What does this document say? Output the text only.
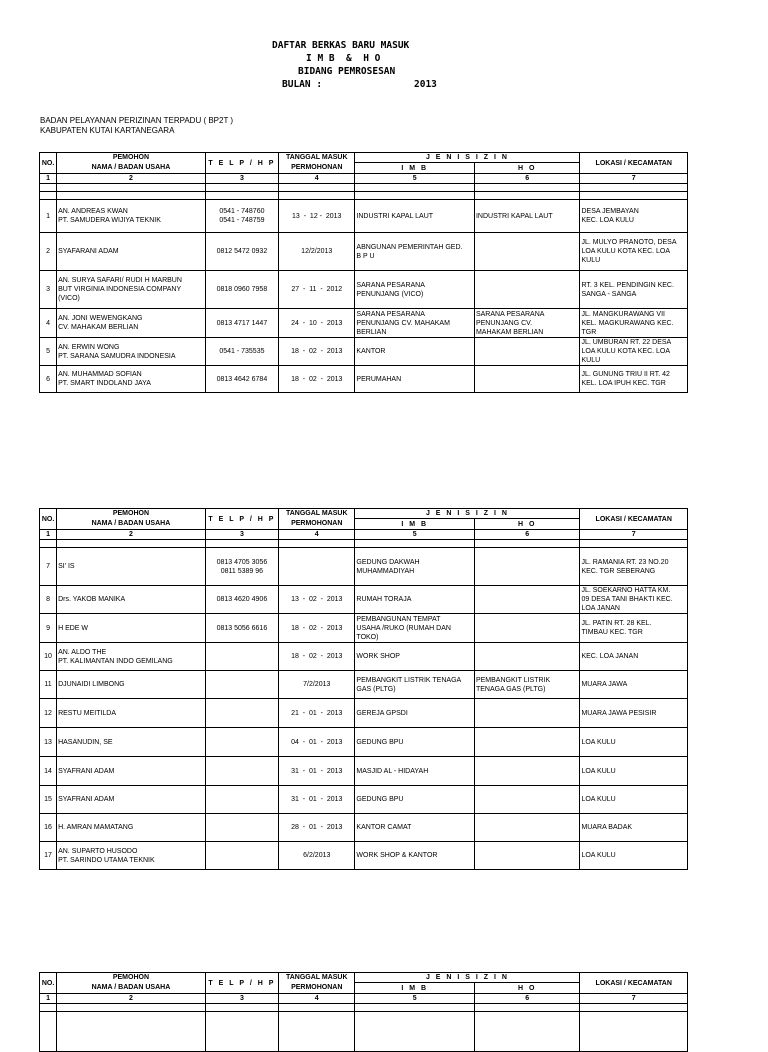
DAFTAR BERKAS BARU MASUK
I M B  &  H O
BIDANG PEMROSESAN
BULAN :	2013
BADAN PELAYANAN PERIZINAN TERPADU ( BP2T )
KABUPATEN KUTAI KARTANEGARA
NO.	PEMOHON	T E L P / H P	TANGGAL MASUK	J E N I S I Z I N		LOKASI / KECAMATAN
	NAMA / BADAN USAHA		PERMOHONAN	I M B	H O	
1	2	3	4	5	6	7

1	AN. ANDREAS KWAN
PT. SAMUDERA WIJIYA TEKNIK	0541 - 748760
0541 - 748759	13  -  12 -  2013	INDUSTRI KAPAL LAUT	INDUSTRI KAPAL LAUT	DESA JEMBAYAN
KEC. LOA KULU
2	SYAFARANI ADAM	0812 5472 0932	12/2/2013	ABNGUNAN PEMERINTAH GED.
B P U		JL. MULYO PRANOTO, DESA
LOA KULU KOTA KEC. LOA
KULU
3	AN. SURYA SAFARI/ RUDI H MARBUN
BUT VIRGINIA INDONESIA COMPANY
(VICO)	0818 0960 7958	27  -  11  -  2012	SARANA PESARANA
PENUNJANG (VICO)		RT. 3 KEL. PENDINGIN KEC.
SANGA - SANGA
4	AN. JONI WEWENGKANG
CV. MAHAKAM BERLIAN	0813 4717 1447	24  -  10  -  2013	SARANA PESARANA
PENUNJANG CV. MAHAKAM
BERLIAN	SARANA PESARANA
PENUNJANG CV.
MAHAKAM BERLIAN	JL. MANGKURAWANG VII
KEL. MAGKURAWANG KEC.
TGR
5	AN. ERWIN WONG
PT. SARANA SAMUDRA INDONESIA	0541 - 735535	18  -  02  -  2013	KANTOR		JL. UMBURAN RT. 22 DESA
LOA KULU KOTA KEC. LOA
KULU
6	AN. MUHAMMAD SOFIAN
PT. SMART INDOLAND JAYA	0813 4642 6784	18  -  02  -  2013	PERUMAHAN		JL. GUNUNG TRIU II RT. 42
KEL. LOA IPUH KEC. TGR
NO.	PEMOHON	T E L P / H P	TANGGAL MASUK	J E N I S I Z I N		LOKASI / KECAMATAN
	NAMA / BADAN USAHA		PERMOHONAN	I M B	H O	
1	2	3	4	5	6	7

7	SI' IS	0813 4705 3056
0811 5389 96		GEDUNG DAKWAH
MUHAMMADIYAH		JL. RAMANIA RT. 23 NO.20
KEC. TGR SEBERANG
8	Drs. YAKOB MANIKA	0813 4620 4906	13  -  02  -  2013	RUMAH TORAJA		JL. SOEKARNO HATTA KM.
09 DESA TANI BHAKTI KEC.
LOA JANAN
9	H EDE W	0813 5056 6616	18  -  02  -  2013	PEMBANGUNAN TEMPAT
USAHA /RUKO (RUMAH DAN
TOKO)		JL. PATIN RT. 28 KEL.
TIMBAU KEC. TGR
10	AN. ALDO THE
PT. KALIMANTAN INDO GEMILANG		18  -  02  -  2013	WORK SHOP		KEC. LOA JANAN
11	DJUNAIDI LIMBONG		7/2/2013	PEMBANGKIT LISTRIK TENAGA
GAS (PLTG)	PEMBANGKIT LISTRIK
TENAGA GAS (PLTG)	MUARA JAWA
12	RESTU MEITILDA		21  -  01  -  2013	GEREJA GPSDI		MUARA JAWA PESISIR
13	HASANUDIN, SE		04  -  01  -  2013	GEDUNG BPU		LOA KULU
14	SYAFRANI ADAM		31  -  01  -  2013	MASJID AL - HIDAYAH		LOA KULU
15	SYAFRANI ADAM		31  -  01  -  2013	GEDUNG BPU		LOA KULU
16	H. AMRAN MAMATANG		28  -  01  -  2013	KANTOR CAMAT		MUARA BADAK
17	AN. SUPARTO HUSODO
PT. SARINDO UTAMA TEKNIK		6/2/2013	WORK SHOP & KANTOR		LOA KULU
NO.	PEMOHON	T E L P / H P	TANGGAL MASUK	J E N I S I Z I N		LOKASI / KECAMATAN
	NAMA / BADAN USAHA		PERMOHONAN	I M B	H O	
1	2	3	4	5	6	7
